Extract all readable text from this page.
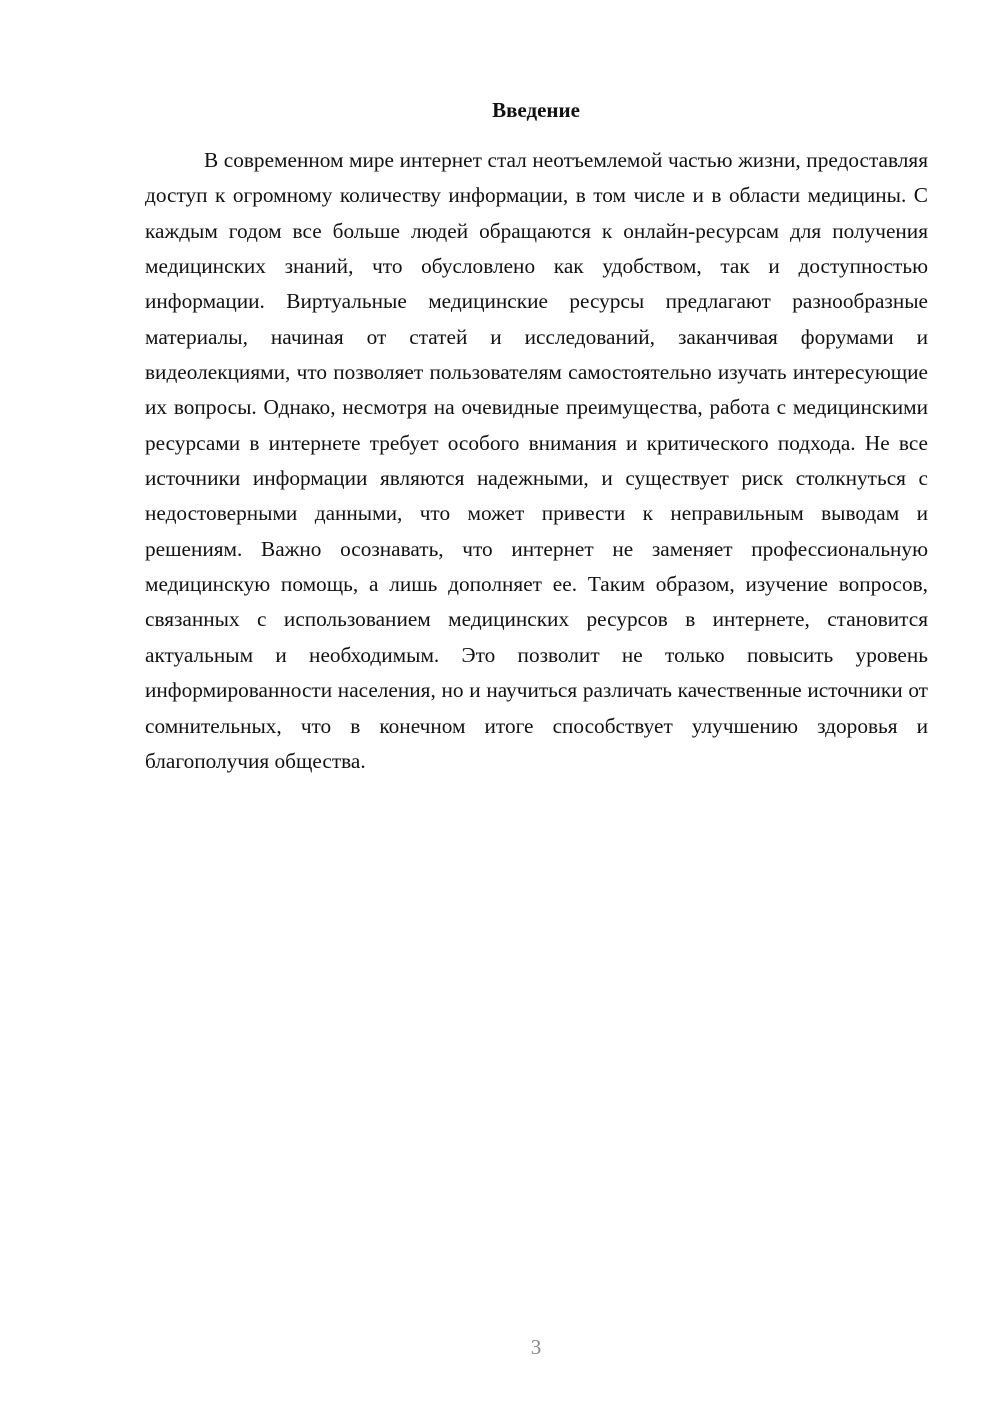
Введение

В современном мире интернет стал неотъемлемой частью жизни, предоставляя доступ к огромному количеству информации, в том числе и в области медицины. С каждым годом все больше людей обращаются к онлайн-ресурсам для получения медицинских знаний, что обусловлено как удобством, так и доступностью информации. Виртуальные медицинские ресурсы предлагают разнообразные материалы, начиная от статей и исследований, заканчивая форумами и видеолекциями, что позволяет пользователям самостоятельно изучать интересующие их вопросы. Однако, несмотря на очевидные преимущества, работа с медицинскими ресурсами в интернете требует особого внимания и критического подхода. Не все источники информации являются надежными, и существует риск столкнуться с недостоверными данными, что может привести к неправильным выводам и решениям. Важно осознавать, что интернет не заменяет профессиональную медицинскую помощь, а лишь дополняет ее. Таким образом, изучение вопросов, связанных с использованием медицинских ресурсов в интернете, становится актуальным и необходимым. Это позволит не только повысить уровень информированности населения, но и научиться различать качественные источники от сомнительных, что в конечном итоге способствует улучшению здоровья и благополучия общества.

3
